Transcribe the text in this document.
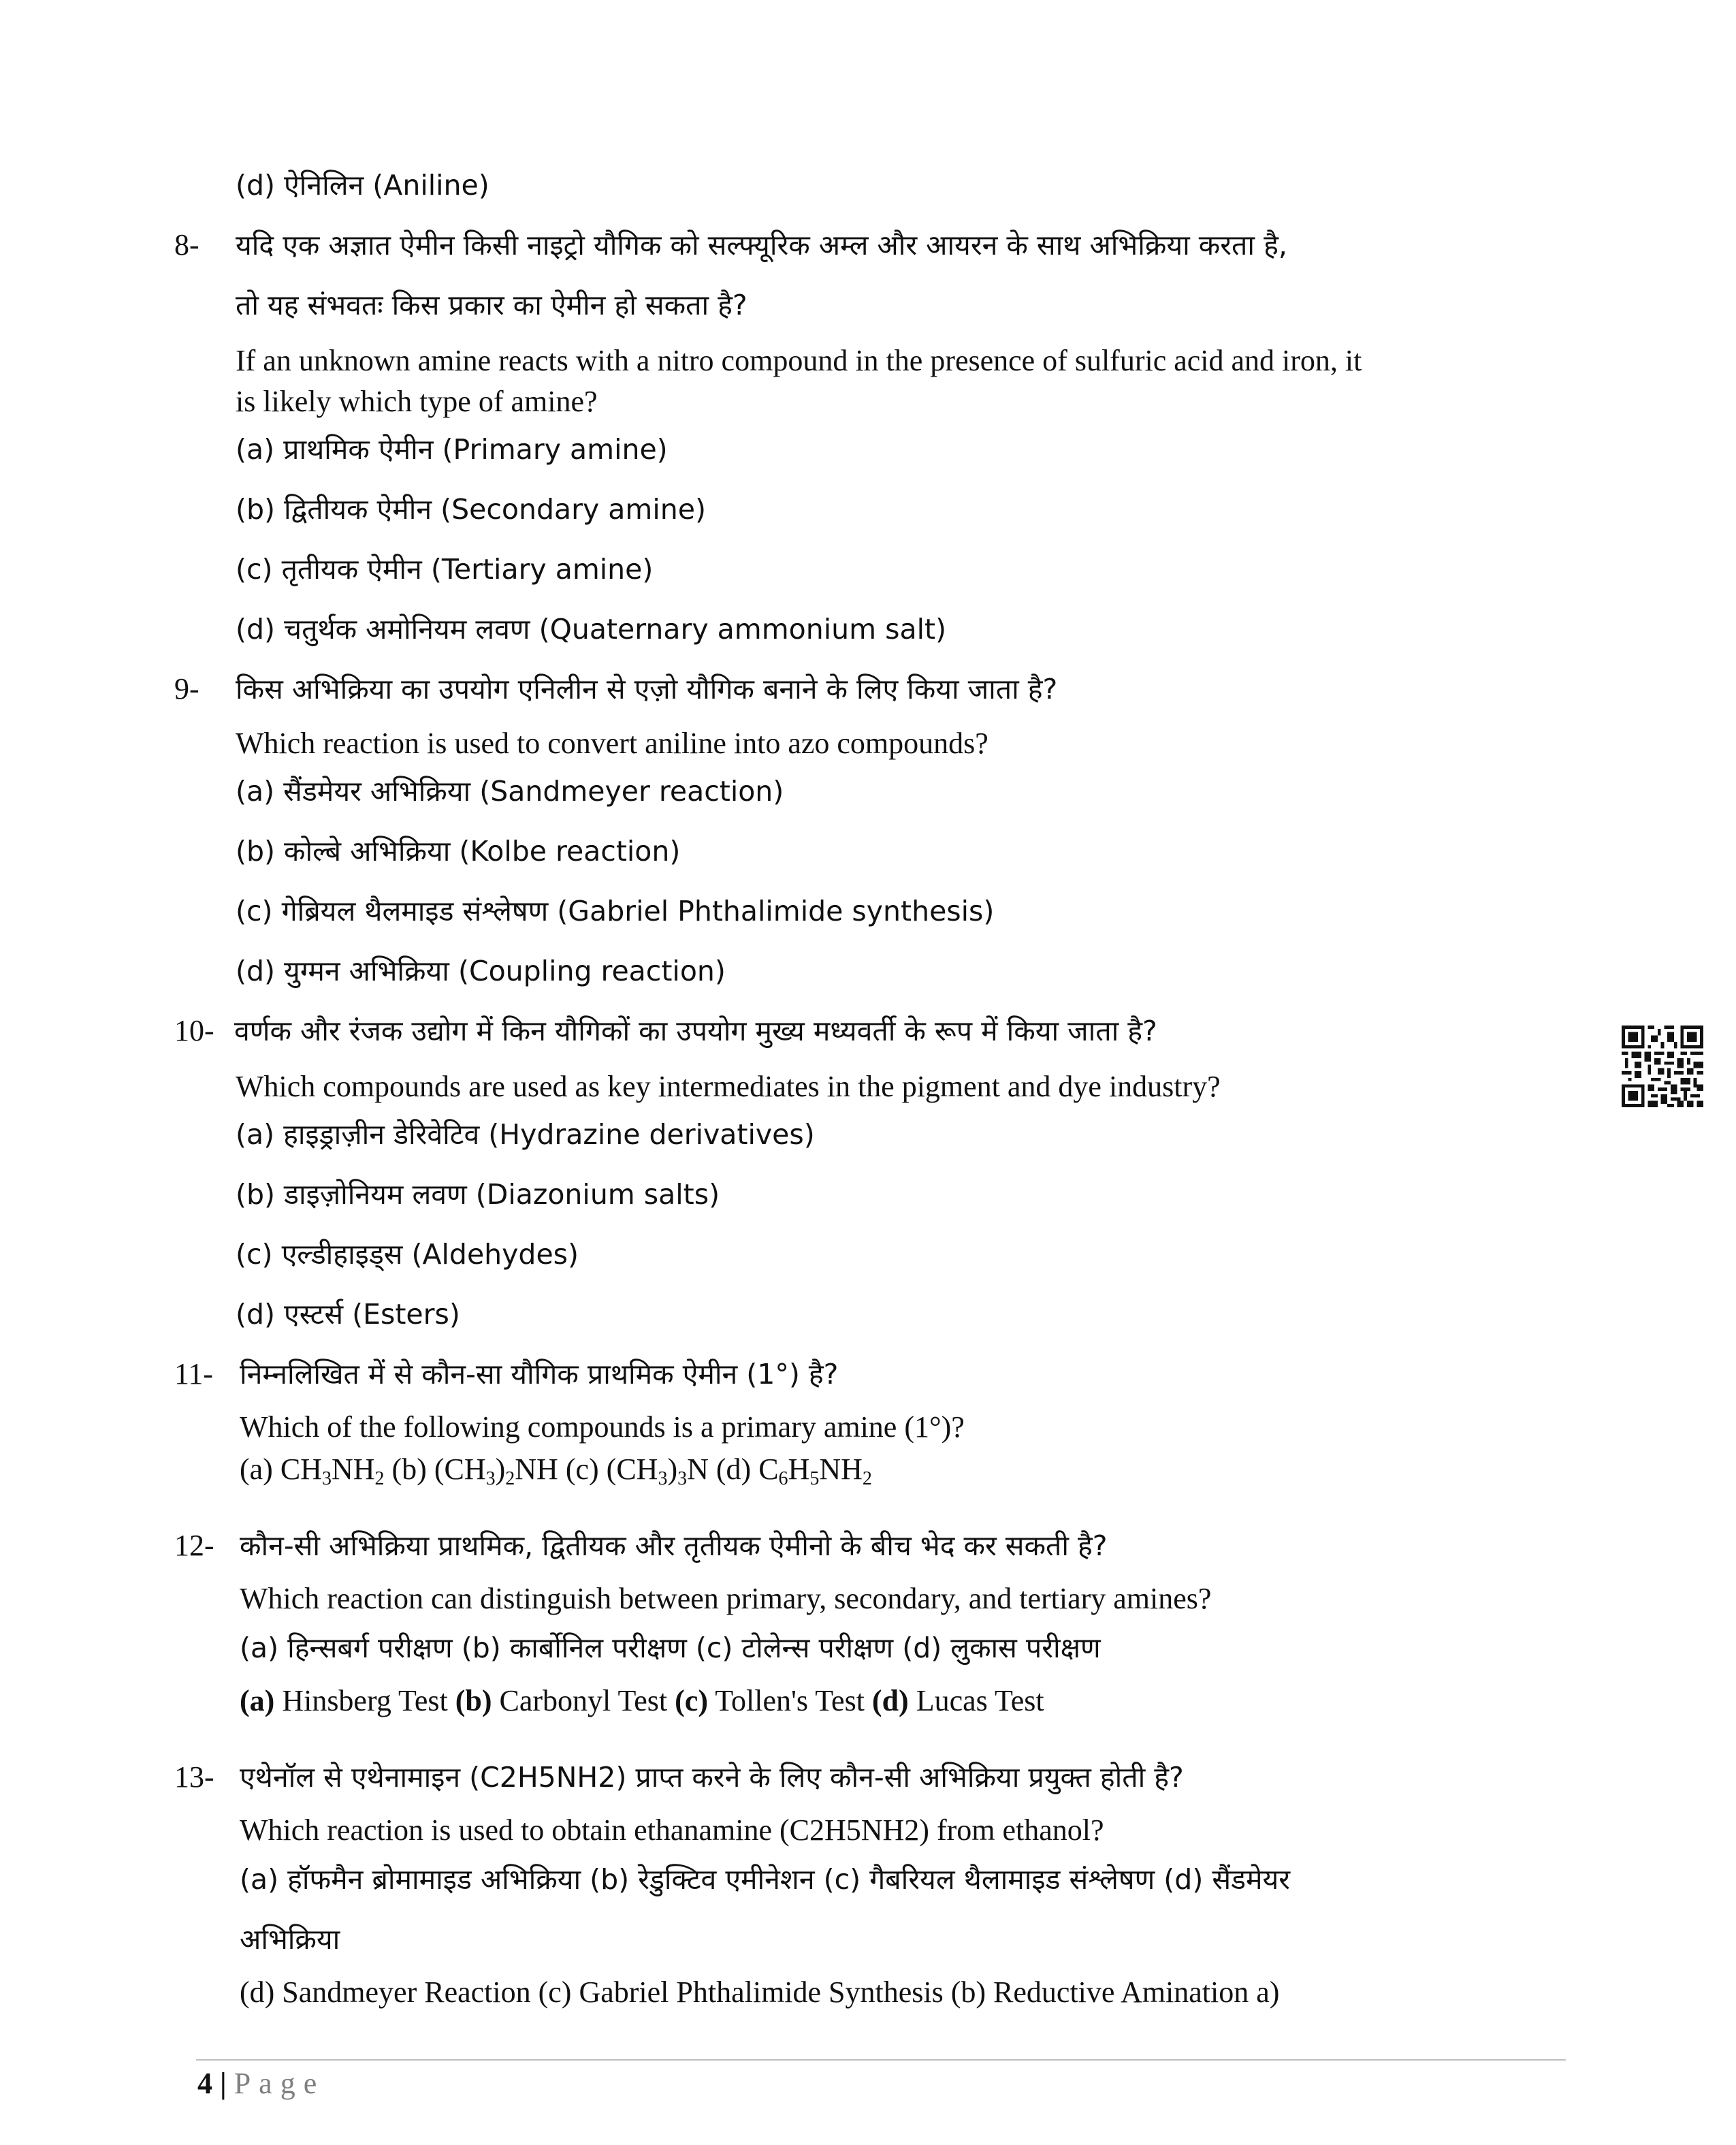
(d) ऐनिलिन (Aniline)
8- यदि एक अज्ञात ऐमीन किसी नाइट्रो यौगिक को सल्फ्यूरिक अम्ल और आयरन के साथ अभिक्रिया करता है,
तो यह संभवतः किस प्रकार का ऐमीन हो सकता है?
If an unknown amine reacts with a nitro compound in the presence of sulfuric acid and iron, it
is likely which type of amine?
(a) प्राथमिक ऐमीन (Primary amine)
(b) द्वितीयक ऐमीन (Secondary amine)
(c) तृतीयक ऐमीन (Tertiary amine)
(d) चतुर्थक अमोनियम लवण (Quaternary ammonium salt)
9- किस अभिक्रिया का उपयोग एनिलीन से एज़ो यौगिक बनाने के लिए किया जाता है?
Which reaction is used to convert aniline into azo compounds?
(a) सैंडमेयर अभिक्रिया (Sandmeyer reaction)
(b) कोल्बे अभिक्रिया (Kolbe reaction)
(c) गेब्रियल थैलमाइड संश्लेषण (Gabriel Phthalimide synthesis)
(d) युग्मन अभिक्रिया (Coupling reaction)
10- वर्णक और रंजक उद्योग में किन यौगिकों का उपयोग मुख्य मध्यवर्ती के रूप में किया जाता है?
Which compounds are used as key intermediates in the pigment and dye industry?
(a) हाइड्राज़ीन डेरिवेटिव (Hydrazine derivatives)
(b) डाइज़ोनियम लवण (Diazonium salts)
(c) एल्डीहाइड्स (Aldehydes)
(d) एस्टर्स (Esters)
11- निम्नलिखित में से कौन-सा यौगिक प्राथमिक ऐमीन (1°) है?
Which of the following compounds is a primary amine (1°)?
(a) $CH_3NH_2$ (b) $(CH_3)_2NH$ (c) $(CH_3)_3N$ (d) $C_6H_5NH_2$
12- कौन-सी अभिक्रिया प्राथमिक, द्वितीयक और तृतीयक ऐमीनो के बीच भेद कर सकती है?
Which reaction can distinguish between primary, secondary, and tertiary amines?
(a) हिन्सबर्ग परीक्षण (b) कार्बोनिल परीक्षण (c) टोलेन्स परीक्षण (d) लुकास परीक्षण
(a) Hinsberg Test (b) Carbonyl Test (c) Tollen's Test (d) Lucas Test
13- एथेनॉल से एथेनामाइन (C2H5NH2) प्राप्त करने के लिए कौन-सी अभिक्रिया प्रयुक्त होती है?
Which reaction is used to obtain ethanamine (C2H5NH2) from ethanol?
(a) हॉफमैन ब्रोमामाइड अभिक्रिया (b) रेडुक्टिव एमीनेशन (c) गैबरियल थैलामाइड संश्लेषण (d) सैंडमेयर
अभिक्रिया
(d) Sandmeyer Reaction (c) Gabriel Phthalimide Synthesis (b) Reductive Amination a)
4 | Page
